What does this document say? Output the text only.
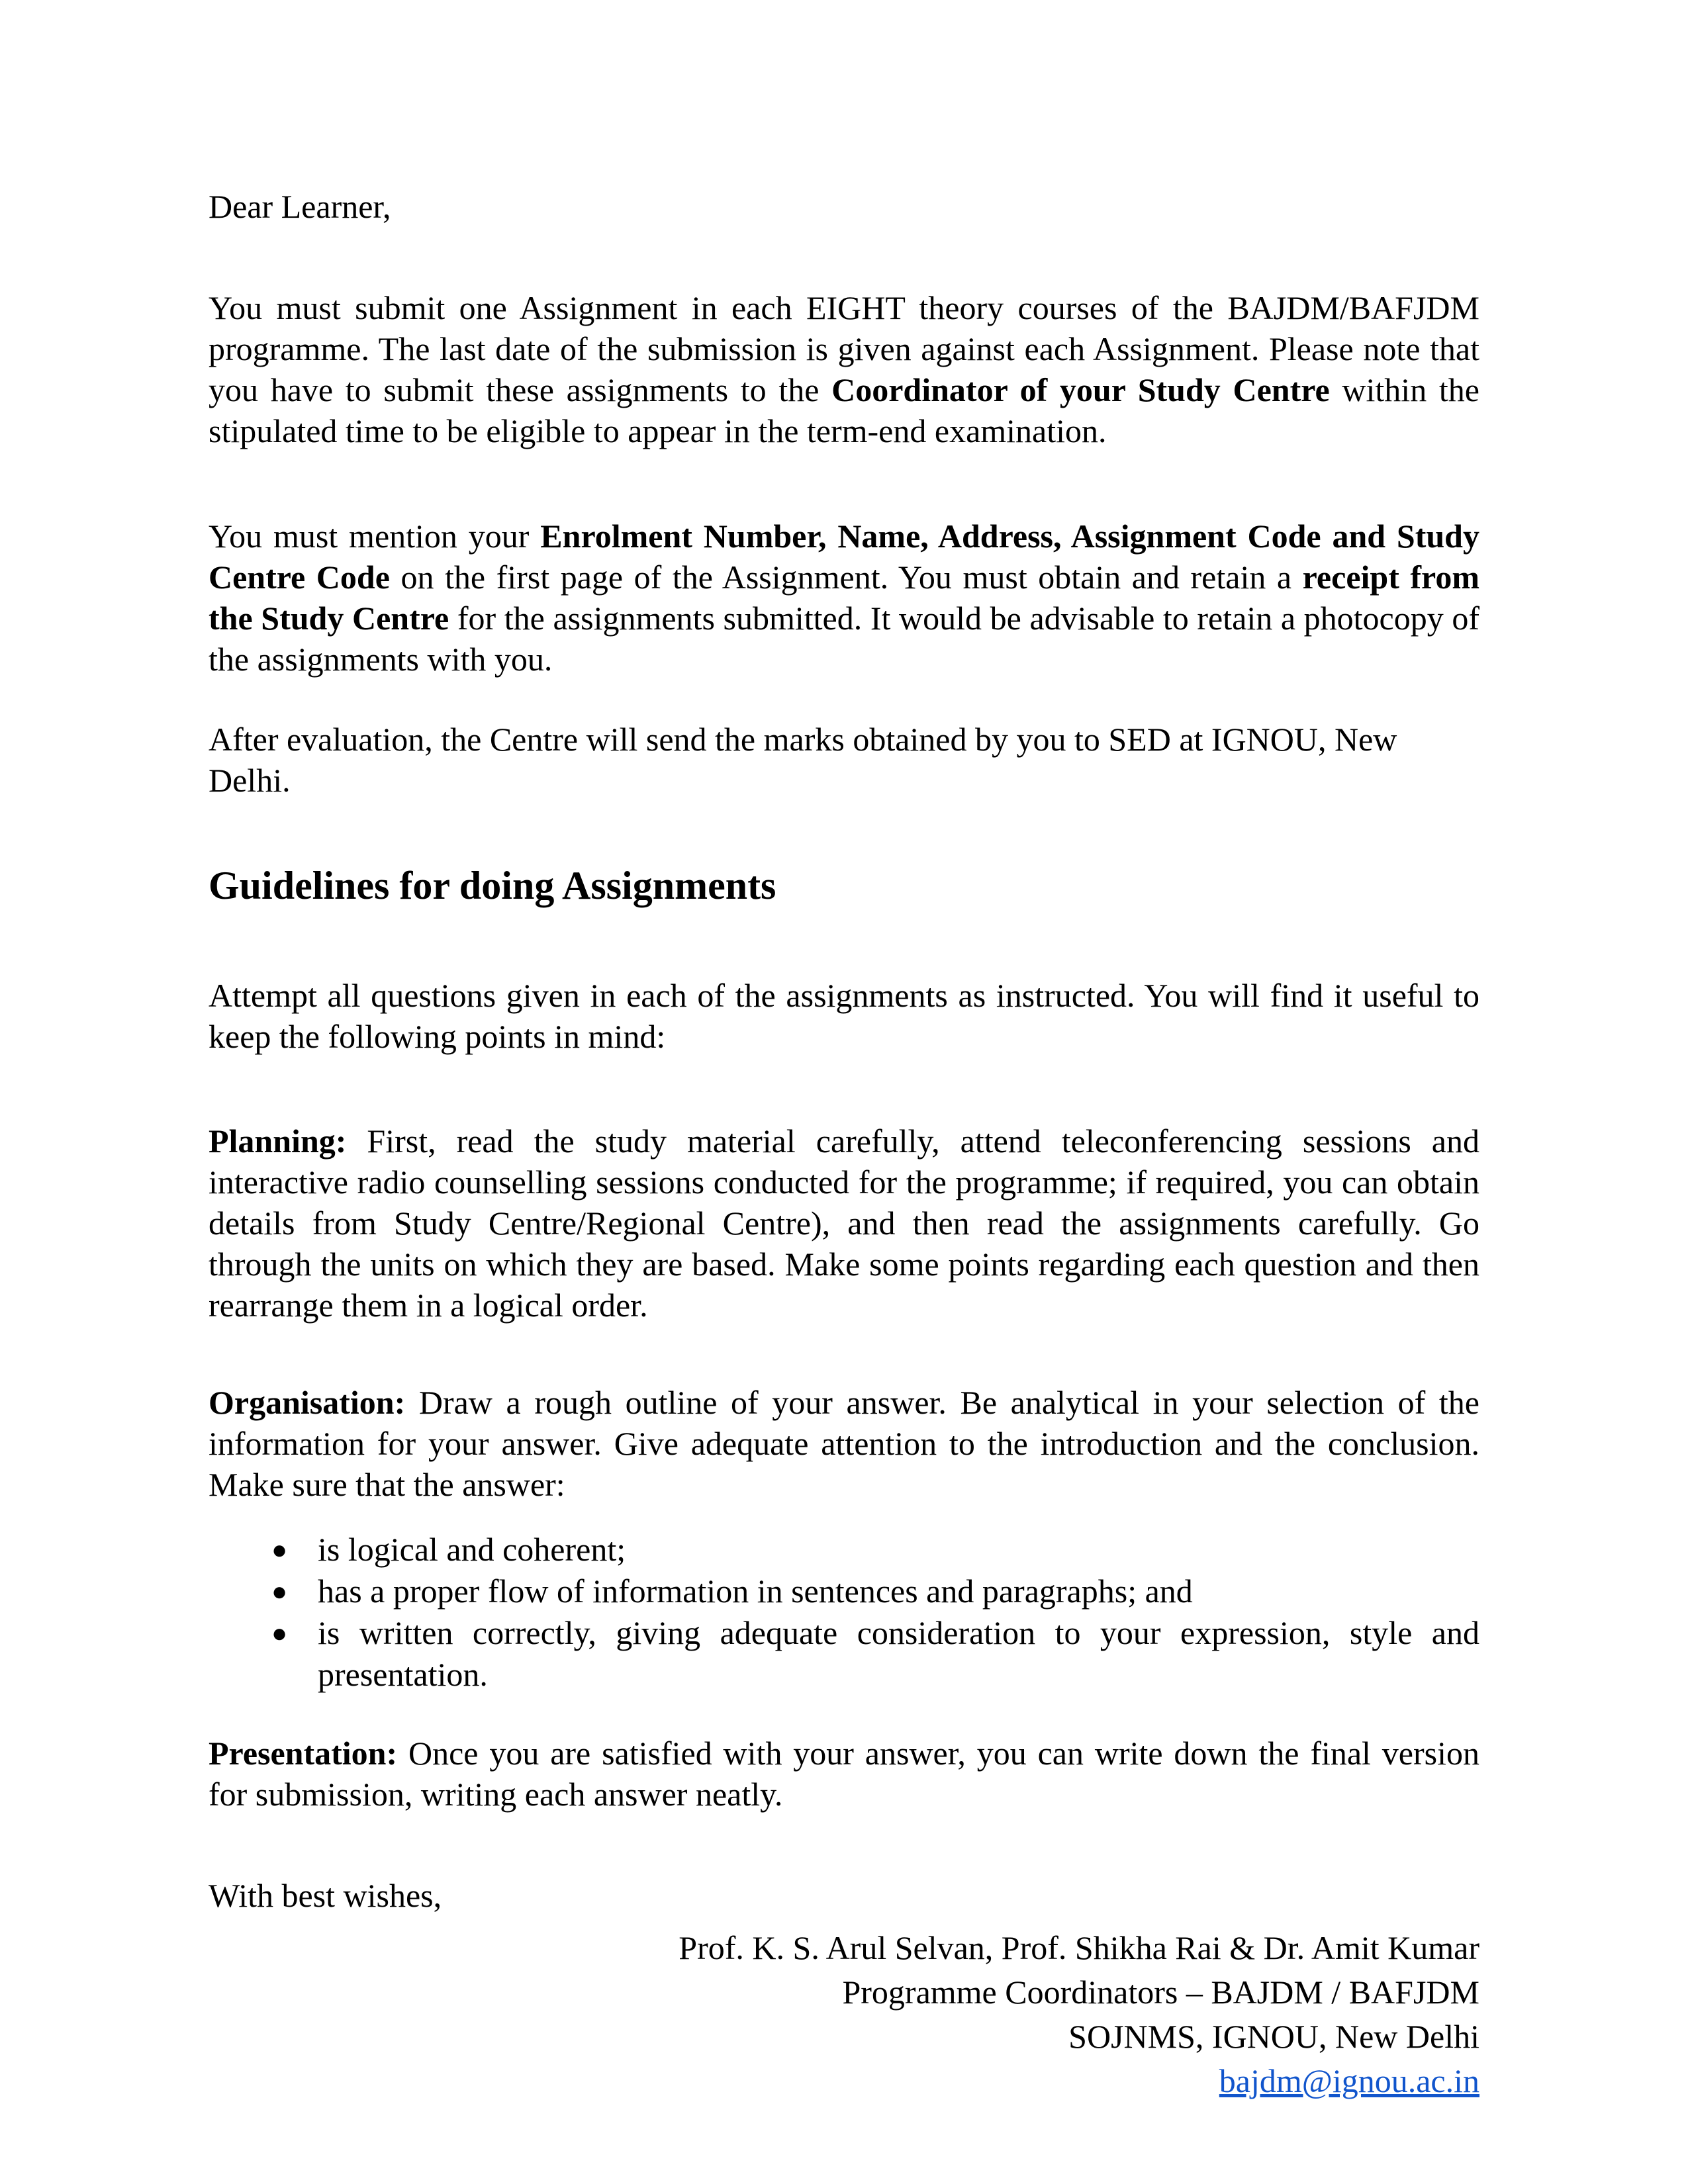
Dear Learner,

You must submit one Assignment in each EIGHT theory courses of the BAJDM/BAFJDM programme. The last date of the submission is given against each Assignment. Please note that you have to submit these assignments to the Coordinator of your Study Centre within the stipulated time to be eligible to appear in the term-end examination.

You must mention your Enrolment Number, Name, Address, Assignment Code and Study Centre Code on the first page of the Assignment. You must obtain and retain a receipt from the Study Centre for the assignments submitted. It would be advisable to retain a photocopy of the assignments with you.

After evaluation, the Centre will send the marks obtained by you to SED at IGNOU, New Delhi.

Guidelines for doing Assignments

Attempt all questions given in each of the assignments as instructed. You will find it useful to keep the following points in mind:

Planning: First, read the study material carefully, attend teleconferencing sessions and interactive radio counselling sessions conducted for the programme; if required, you can obtain details from Study Centre/Regional Centre), and then read the assignments carefully. Go through the units on which they are based. Make some points regarding each question and then rearrange them in a logical order.

Organisation: Draw a rough outline of your answer. Be analytical in your selection of the information for your answer. Give adequate attention to the introduction and the conclusion. Make sure that the answer:

● is logical and coherent;
● has a proper flow of information in sentences and paragraphs; and
● is written correctly, giving adequate consideration to your expression, style and presentation.

Presentation: Once you are satisfied with your answer, you can write down the final version for submission, writing each answer neatly.

With best wishes,

Prof. K. S. Arul Selvan, Prof. Shikha Rai & Dr. Amit Kumar
Programme Coordinators – BAJDM / BAFJDM
SOJNMS, IGNOU, New Delhi
bajdm@ignou.ac.in
